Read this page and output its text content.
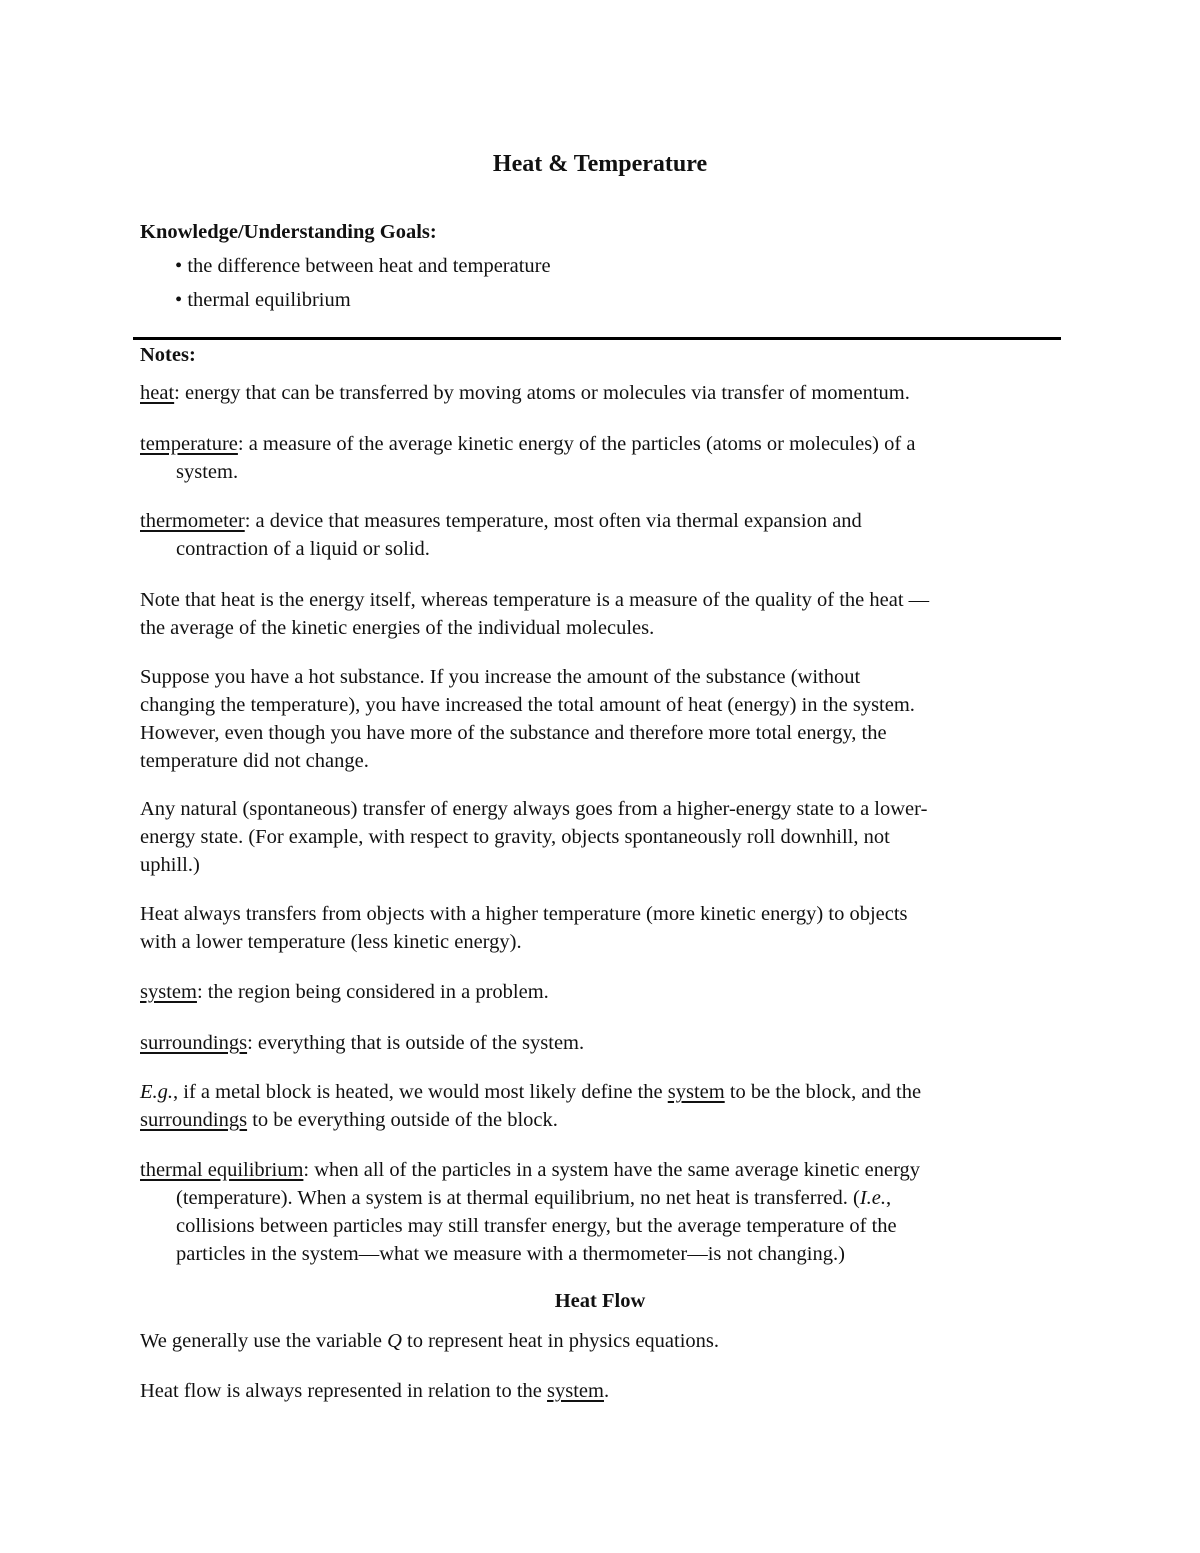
Heat & Temperature
Knowledge/Understanding Goals:
• the difference between heat and temperature
• thermal equilibrium
Notes:
heat: energy that can be transferred by moving atoms or molecules via transfer of momentum.
temperature: a measure of the average kinetic energy of the particles (atoms or molecules) of a
system.
thermometer: a device that measures temperature, most often via thermal expansion and
contraction of a liquid or solid.
Note that heat is the energy itself, whereas temperature is a measure of the quality of the heat —
the average of the kinetic energies of the individual molecules.
Suppose you have a hot substance. If you increase the amount of the substance (without
changing the temperature), you have increased the total amount of heat (energy) in the system.
However, even though you have more of the substance and therefore more total energy, the
temperature did not change.
Any natural (spontaneous) transfer of energy always goes from a higher-energy state to a lower-
energy state. (For example, with respect to gravity, objects spontaneously roll downhill, not
uphill.)
Heat always transfers from objects with a higher temperature (more kinetic energy) to objects
with a lower temperature (less kinetic energy).
system: the region being considered in a problem.
surroundings: everything that is outside of the system.
E.g., if a metal block is heated, we would most likely define the system to be the block, and the
surroundings to be everything outside of the block.
thermal equilibrium: when all of the particles in a system have the same average kinetic energy
(temperature). When a system is at thermal equilibrium, no net heat is transferred. (I.e.,
collisions between particles may still transfer energy, but the average temperature of the
particles in the system—what we measure with a thermometer—is not changing.)
Heat Flow
We generally use the variable Q to represent heat in physics equations.
Heat flow is always represented in relation to the system.
